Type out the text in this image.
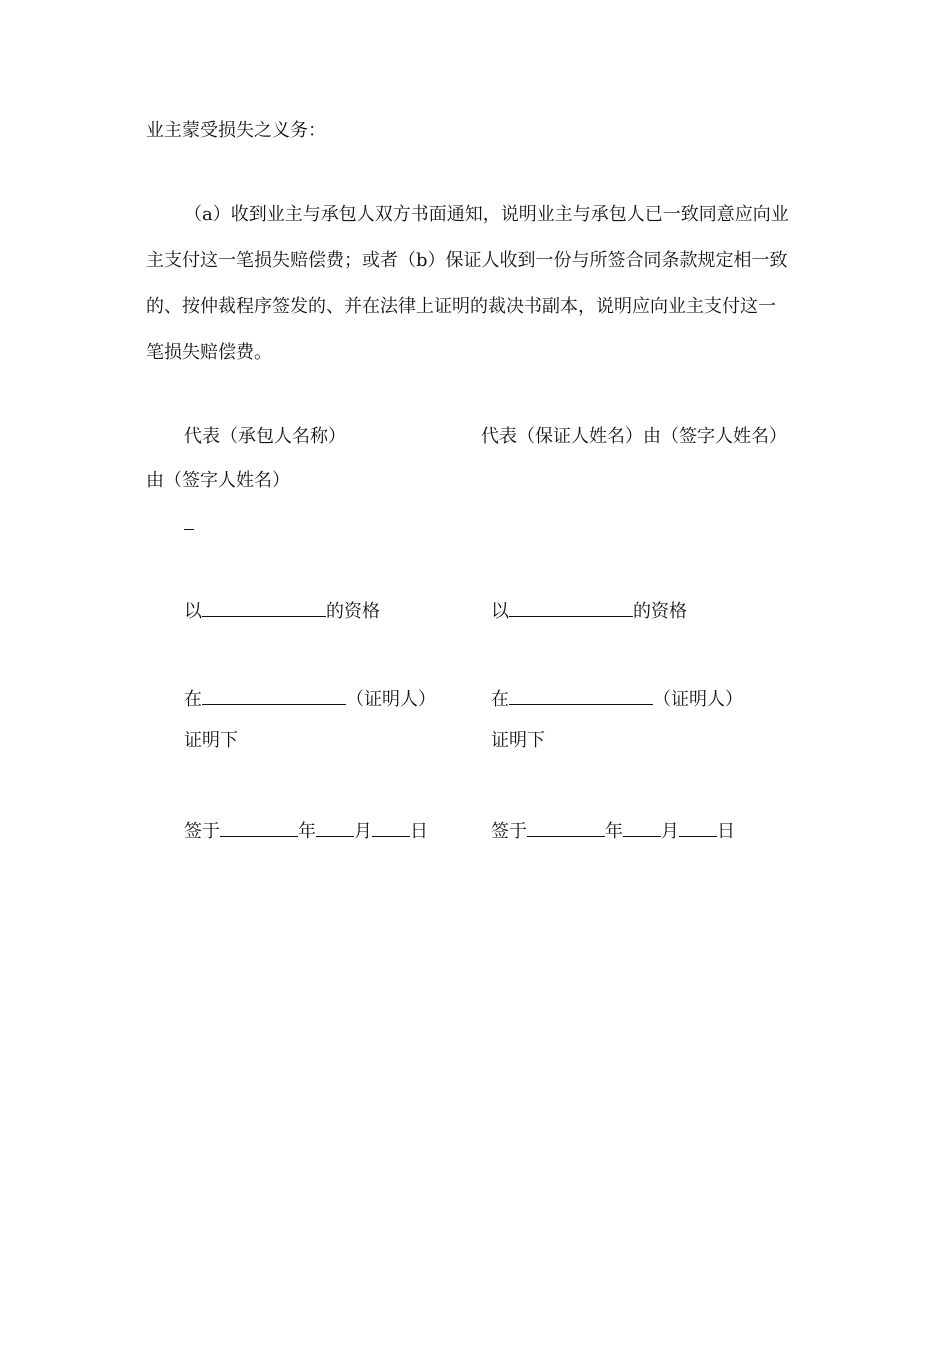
业主蒙受损失之义务：
（a）收到业主与承包人双方书面通知，说明业主与承包人已一致同意应向业
主支付这一笔损失赔偿费；或者（b）保证人收到一份与所签合同条款规定相一致
的、按仲裁程序签发的、并在法律上证明的裁决书副本，说明应向业主支付这一
笔损失赔偿费。
代表（承包人名称）	代表（保证人姓名）由（签字人姓名）
由（签字人姓名）
以	的资格	以	的资格
在	（证明人）	在	（证明人）
证明下	证明下
签于	年 月 日	签于	年 月 日
